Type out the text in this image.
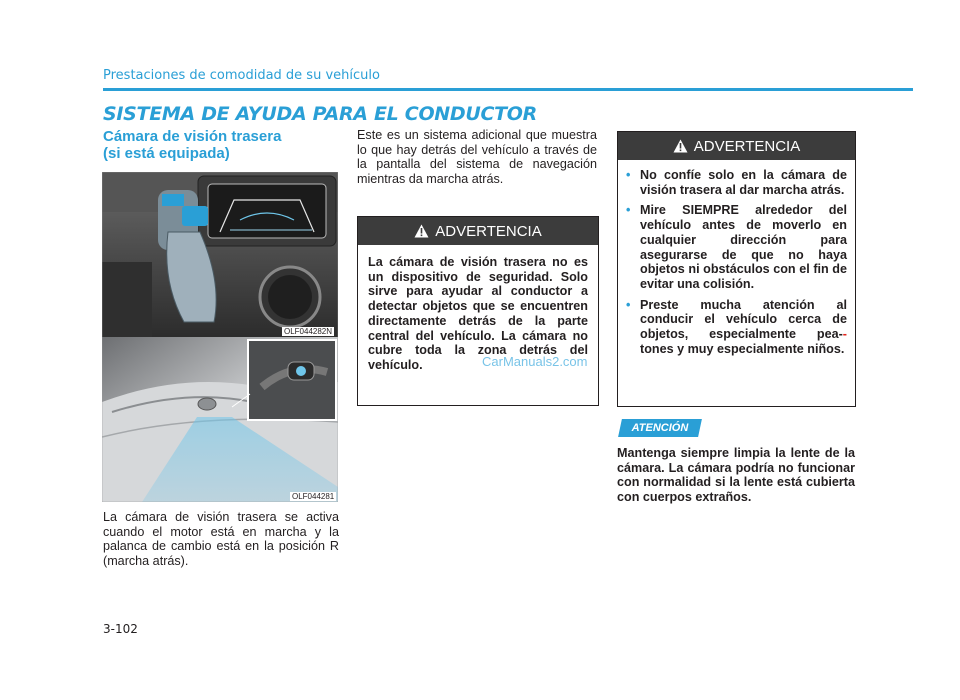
Prestaciones de comodidad de su vehículo
SISTEMA DE AYUDA PARA EL CONDUCTOR
Cámara de visión trasera
(si está equipada)
OLF044282N
OLF044281
La cámara de visión trasera se activa cuando el motor está en marcha y la palanca de cambio está en la posición R (marcha atrás).
Este es un sistema adicional que muestra lo que hay detrás del vehículo a través de la pantalla del sistema de navegación mientras da marcha atrás.
ADVERTENCIA
La cámara de visión trasera no es un dispositivo de seguridad. Solo sirve para ayudar al conductor a detectar objetos que se encuentren directamente detrás de la parte central del vehículo. La cámara no cubre toda la zona detrás del vehículo.	CarManuals2.com
ADVERTENCIA
• No confíe solo en la cámara de visión trasera al dar marcha atrás.
• Mire SIEMPRE alrededor del vehículo antes de moverlo en cualquier dirección para asegurarse de que no haya objetos ni obstáculos con el fin de evitar una colisión.
• Preste mucha atención al conducir el vehículo cerca de objetos, especialmente pea-- tones y muy especialmente niños.
ATENCIÓN
Mantenga siempre limpia la lente de la cámara. La cámara podría no funcionar con normalidad si la lente está cubierta con cuerpos extraños.
3-102
